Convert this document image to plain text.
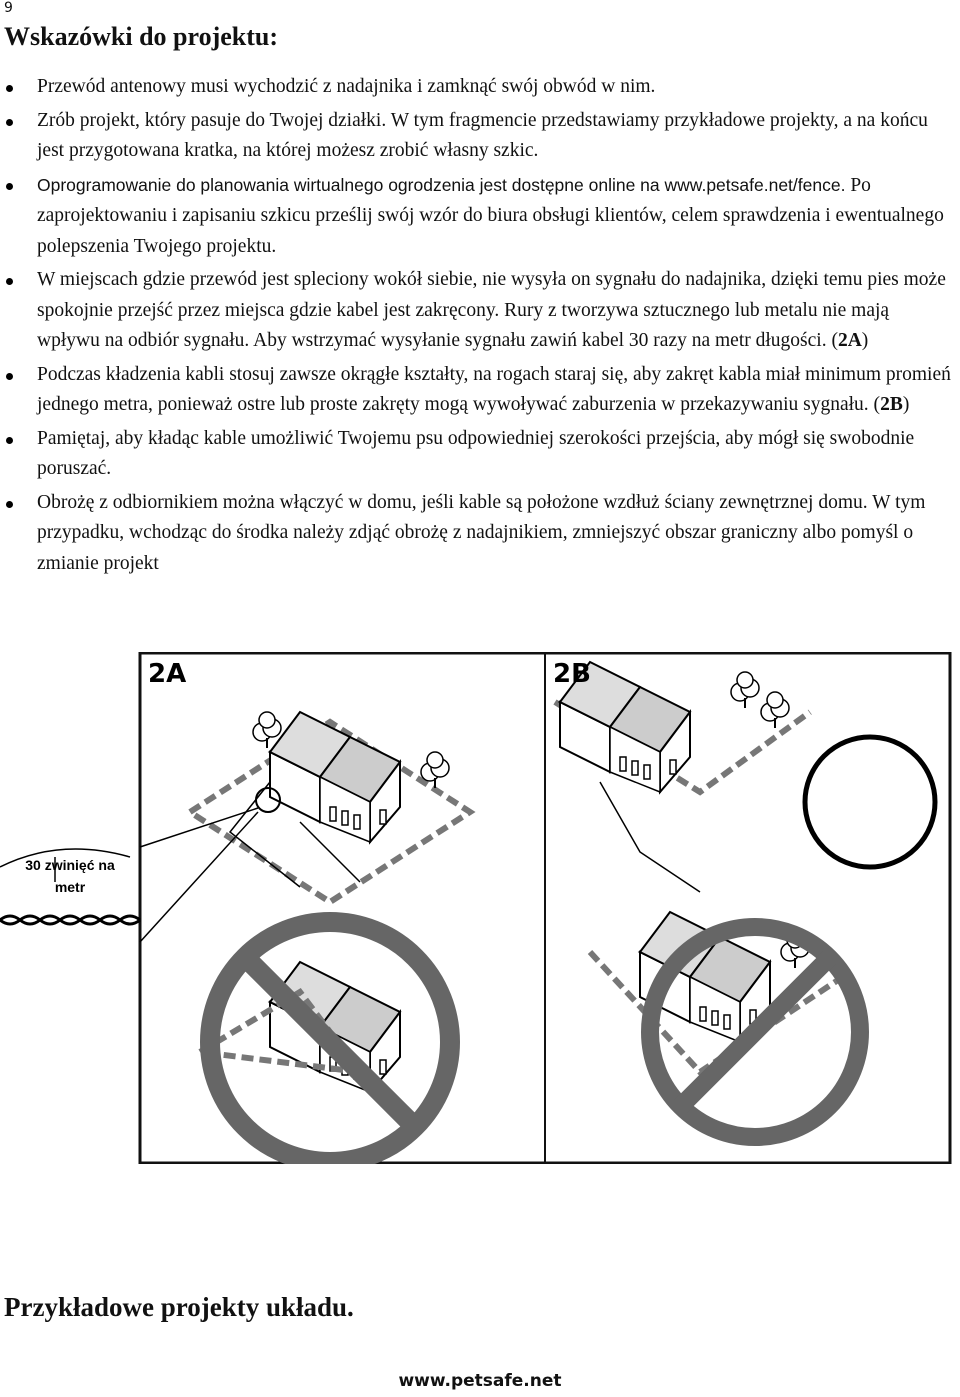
9
Wskazówki do projektu:
Przewód antenowy musi wychodzić z nadajnika i zamknąć swój obwód w nim.
Zrób projekt, który pasuje do Twojej działki. W tym fragmencie przedstawiamy przykładowe projekty, a na końcu jest przygotowana kratka, na której możesz zrobić własny szkic.
Oprogramowanie do planowania wirtualnego ogrodzenia jest dostępne online na www.petsafe.net/fence. Po zaprojektowaniu i zapisaniu szkicu prześlij swój wzór do biura obsługi klientów, celem sprawdzenia i ewentualnego polepszenia Twojego projektu.
W miejscach gdzie przewód jest spleciony wokół siebie, nie wysyła on sygnału do nadajnika, dzięki temu pies może spokojnie przejść przez miejsca gdzie kabel jest zakręcony. Rury z tworzywa sztucznego lub metalu nie mają wpływu na odbiór sygnału. Aby wstrzymać wysyłanie sygnału zawiń kabel 30 razy na metr długości. (2A)
Podczas kładzenia kabli stosuj zawsze okrągłe kształty, na rogach staraj się, aby zakręt kabla miał minimum promień jednego metra, ponieważ ostre lub proste zakręty mogą wywoływać zaburzenia w przekazywaniu sygnału. (2B)
Pamiętaj, aby kładąc kable umożliwić Twojemu psu odpowiedniej szerokości przejścia, aby mógł się swobodnie poruszać.
Obrożę z odbiornikiem można włączyć w domu, jeśli kable są położone wzdłuż ściany zewnętrznej domu. W tym przypadku, wchodząc do środka należy zdjąć obrożę z nadajnikiem, zmniejszyć obszar graniczny albo pomyśl o zmianie projekt
30 zwinięć na
metr
2A	2B
Przykładowe projekty układu.
www.petsafe.net
